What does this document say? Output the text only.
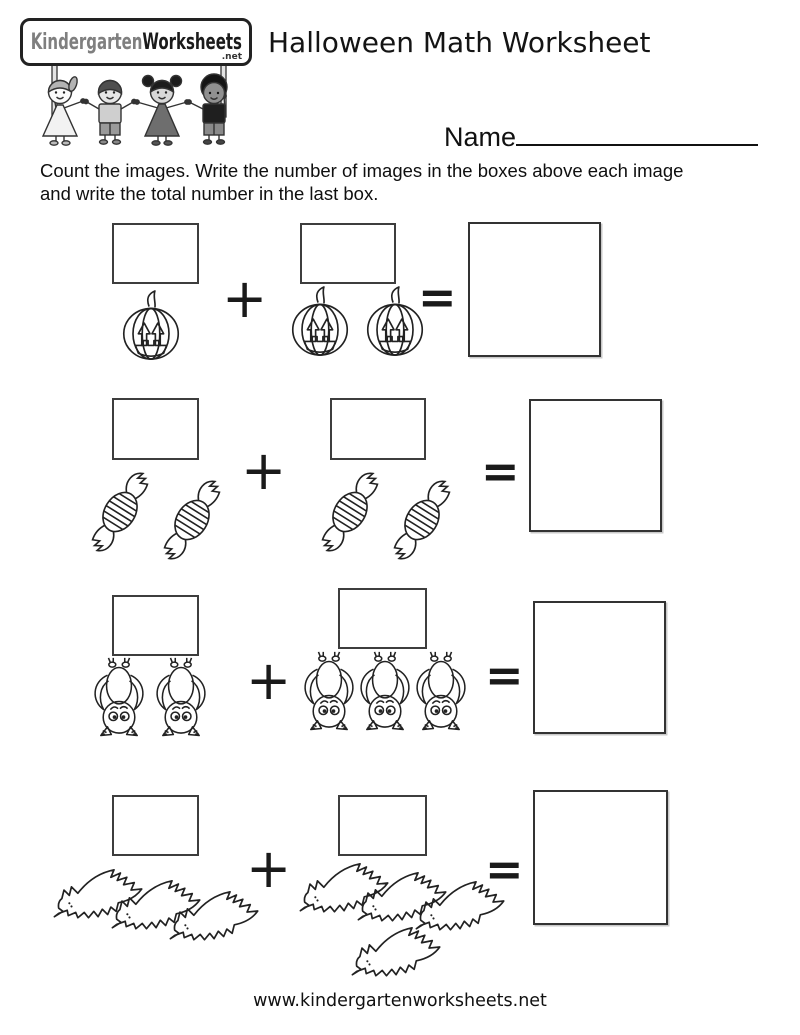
KindergartenWorksheets
.net Halloween Math Worksheet
Name
Count the images. Write the number of images in the boxes above each image
and write the total number in the last box.
+	=
+	=
+	=
+	=
www.kindergartenworksheets.net
